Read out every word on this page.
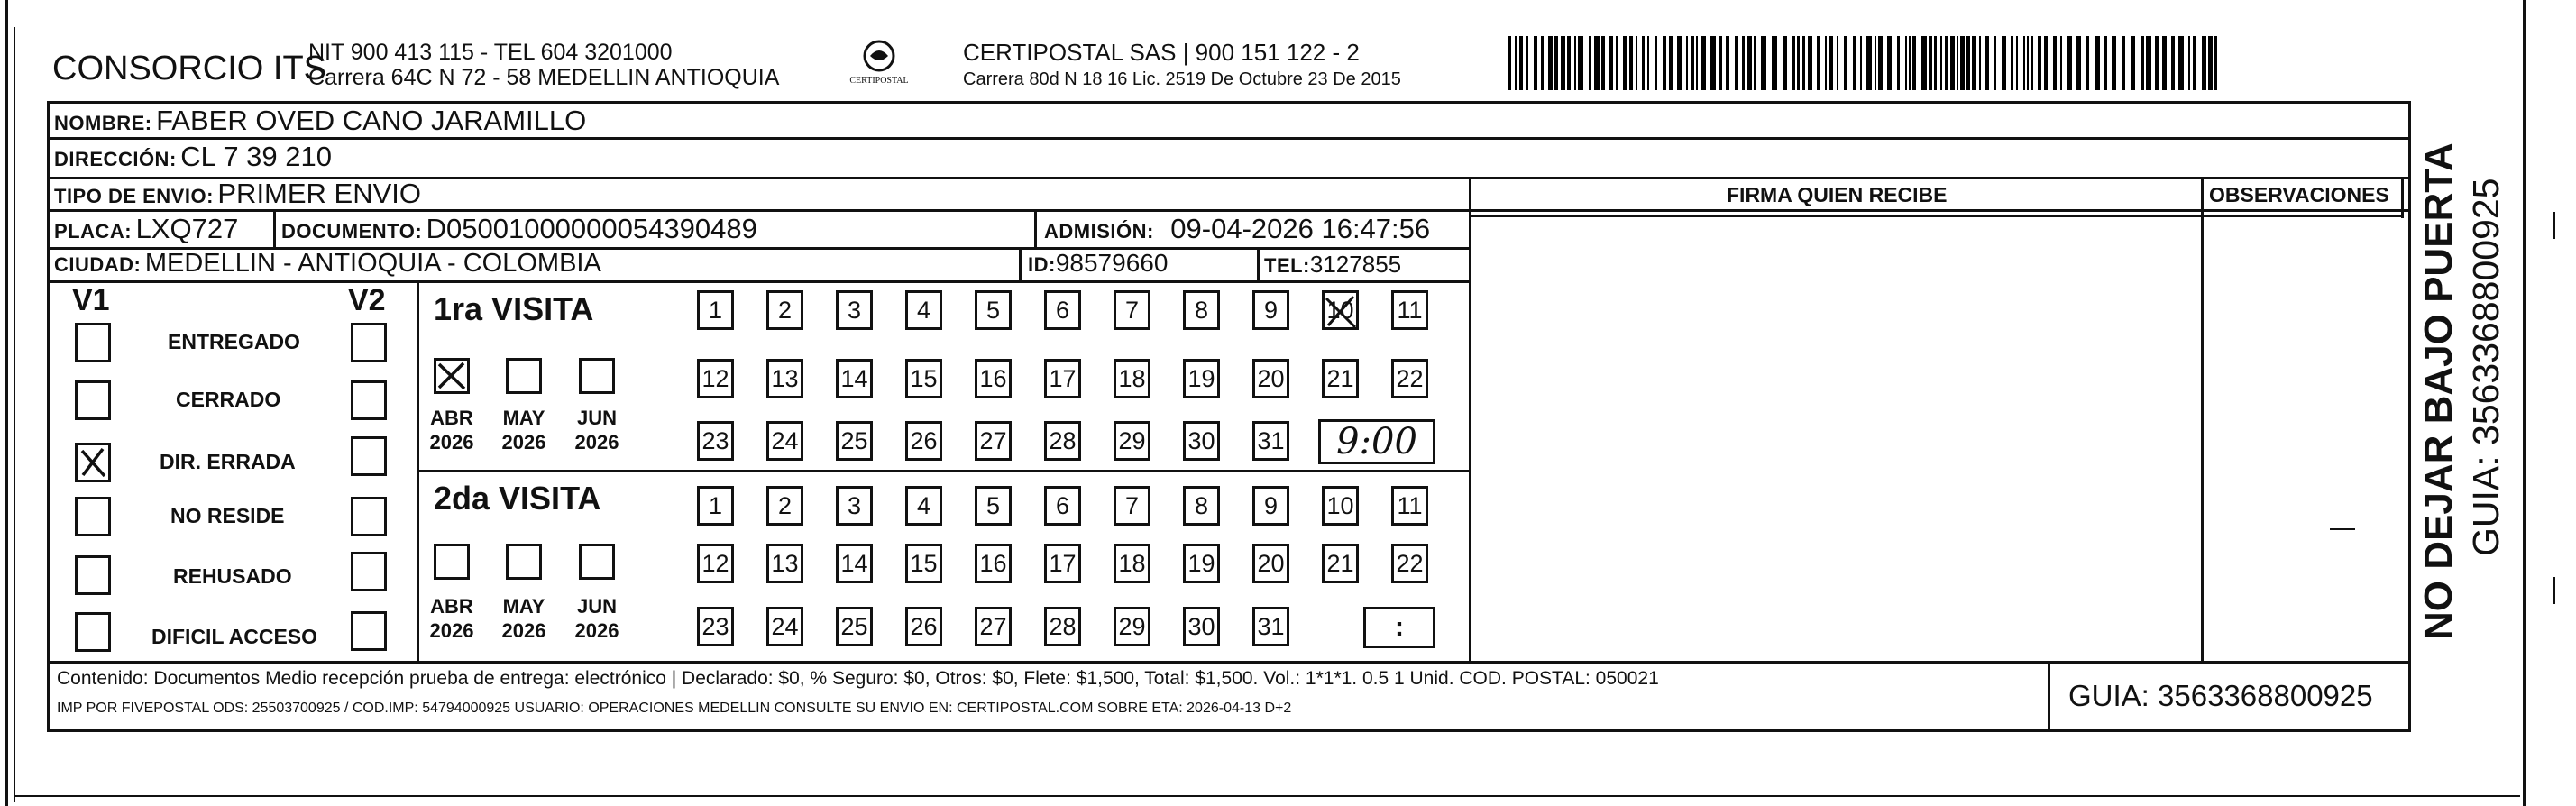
CONSORCIO ITS
NIT 900 413 115 - TEL 604 3201000
Carrera 64C N 72 - 58 MEDELLIN ANTIOQUIA	CERTIPOSTAL
CERTIPOSTAL SAS | 900 151 122 - 2
Carrera 80d N 18 16 Lic. 2519 De Octubre 23 De 2015
NOMBRE: FABER OVED CANO JARAMILLO
DIRECCIÓN: CL 7 39 210
TIPO DE ENVIO: PRIMER ENVIO	FIRMA QUIEN RECIBE	OBSERVACIONES
PLACA: LXQ727 DOCUMENTO: D05001000000054390489	ADMISIÓN: 09-04-2026 16:47:56
CIUDAD: MEDELLIN - ANTIOQUIA - COLOMBIA	ID:98579660	TEL:3127855
V1	V2
ENTREGADO
CERRADO
DIR. ERRADA
NO RESIDE
REHUSADO
DIFICIL ACCESO
1ra VISITA
ABR
2026
MAY
2026
JUN
2026
1	2	3	4	5	6	7	8	9	10 11
12 13 14 15 16 17 18 19 20 21 22
23 24 25 26 27 28 29 30 31	9:00
2da VISITA
ABR
2026
MAY
2026
JUN
2026
1	2	3	4	5	6	7	8	9	10 11
12 13 14 15 16 17 18 19 20 21 22
23 24 25 26 27 28 29 30 31	:
Contenido: Documentos Medio recepción prueba de entrega: electrónico | Declarado: $0, % Seguro: $0, Otros: $0, Flete: $1,500, Total: $1,500. Vol.: 1*1*1. 0.5 1 Unid. COD. POSTAL: 050021
IMP POR FIVEPOSTAL ODS: 25503700925 / COD.IMP: 54794000925 USUARIO: OPERACIONES MEDELLIN CONSULTE SU ENVIO EN: CERTIPOSTAL.COM SOBRE ETA: 2026-04-13 D+2	GUIA: 3563368800925
NO DEJAR BAJO PUERTA GUIA: 3563368800925
